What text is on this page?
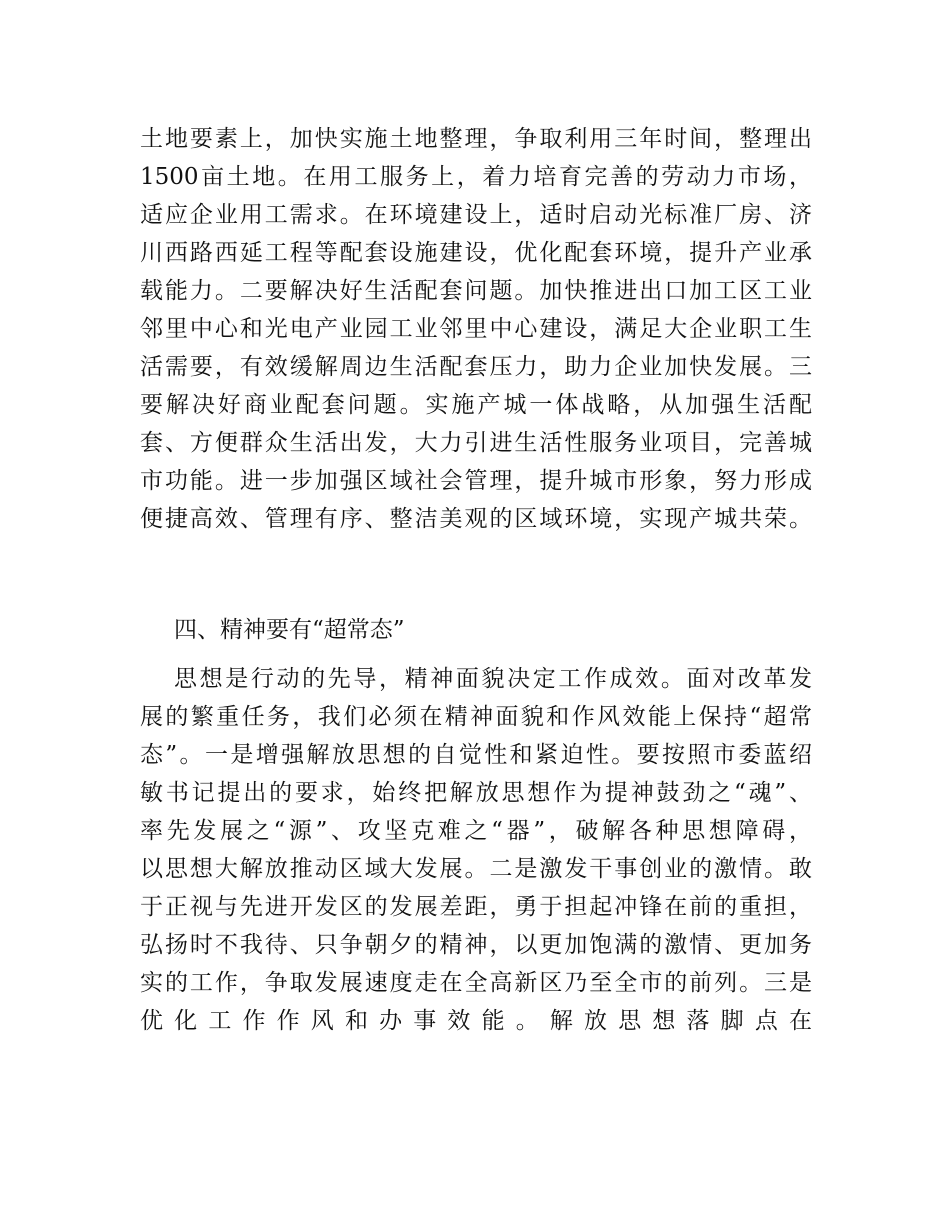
土地要素上，加快实施土地整理，争取利用三年时间，整理出
1500亩土地。在用工服务上，着力培育完善的劳动力市场，
适应企业用工需求。在环境建设上，适时启动光标准厂房、济
川西路西延工程等配套设施建设，优化配套环境，提升产业承
载能力。二要解决好生活配套问题。加快推进出口加工区工业
邻里中心和光电产业园工业邻里中心建设，满足大企业职工生
活需要，有效缓解周边生活配套压力，助力企业加快发展。三
要解决好商业配套问题。实施产城一体战略，从加强生活配
套、方便群众生活出发，大力引进生活性服务业项目，完善城
市功能。进一步加强区域社会管理，提升城市形象，努力形成
便捷高效、管理有序、整洁美观的区域环境，实现产城共荣。
四、精神要有“超常态”
思想是行动的先导，精神面貌决定工作成效。面对改革发
展的繁重任务，我们必须在精神面貌和作风效能上保持“超常
态”。一是增强解放思想的自觉性和紧迫性。要按照市委蓝绍
敏书记提出的要求，始终把解放思想作为提神鼓劲之“魂”、
率先发展之“源”、攻坚克难之“器”，破解各种思想障碍，
以思想大解放推动区域大发展。二是激发干事创业的激情。敢
于正视与先进开发区的发展差距，勇于担起冲锋在前的重担，
弘扬时不我待、只争朝夕的精神，以更加饱满的激情、更加务
实的工作，争取发展速度走在全高新区乃至全市的前列。三是
优化工作作风和办事效能。解放思想落脚点在
